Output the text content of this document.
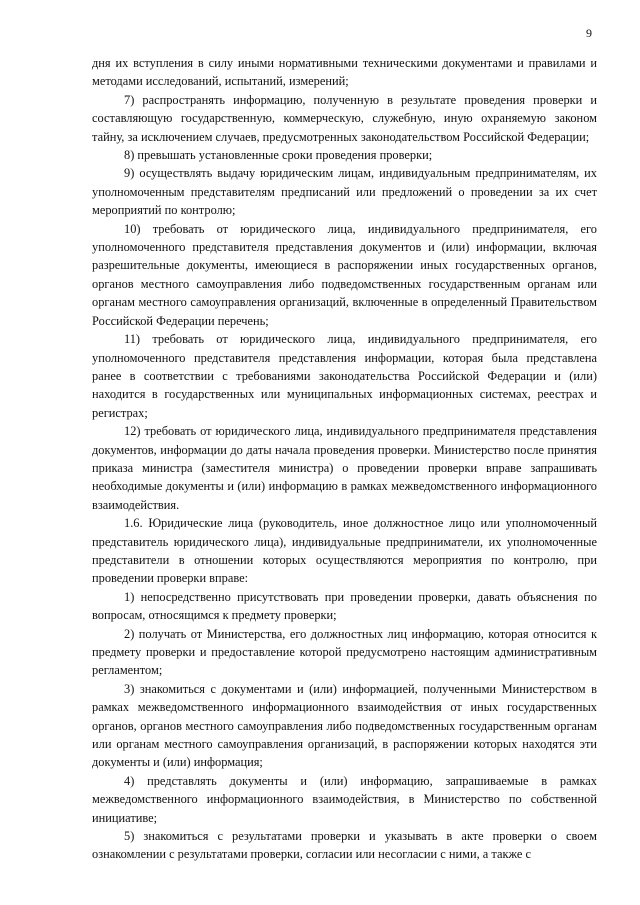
9

дня их вступления в силу иными нормативными техническими документами и правилами и методами исследований, испытаний, измерений;

7) распространять информацию, полученную в результате проведения проверки и составляющую государственную, коммерческую, служебную, иную охраняемую законом тайну, за исключением случаев, предусмотренных законодательством Российской Федерации;

8) превышать установленные сроки проведения проверки;

9) осуществлять выдачу юридическим лицам, индивидуальным предпринимателям, их уполномоченным представителям предписаний или предложений о проведении за их счет мероприятий по контролю;

10) требовать от юридического лица, индивидуального предпринимателя, его уполномоченного представителя представления документов и (или) информации, включая разрешительные документы, имеющиеся в распоряжении иных государственных органов, органов местного самоуправления либо подведомственных государственным органам или органам местного самоуправления организаций, включенные в определенный Правительством Российской Федерации перечень;

11) требовать от юридического лица, индивидуального предпринимателя, его уполномоченного представителя представления информации, которая была представлена ранее в соответствии с требованиями законодательства Российской Федерации и (или) находится в государственных или муниципальных информационных системах, реестрах и регистрах;

12) требовать от юридического лица, индивидуального предпринимателя представления документов, информации до даты начала проведения проверки. Министерство после принятия приказа министра (заместителя министра) о проведении проверки вправе запрашивать необходимые документы и (или) информацию в рамках межведомственного информационного взаимодействия.

1.6. Юридические лица (руководитель, иное должностное лицо или уполномоченный представитель юридического лица), индивидуальные предприниматели, их уполномоченные представители в отношении которых осуществляются мероприятия по контролю, при проведении проверки вправе:

1) непосредственно присутствовать при проведении проверки, давать объяснения по вопросам, относящимся к предмету проверки;

2) получать от Министерства, его должностных лиц информацию, которая относится к предмету проверки и предоставление которой предусмотрено настоящим административным регламентом;

3) знакомиться с документами и (или) информацией, полученными Министерством в рамках межведомственного информационного взаимодействия от иных государственных органов, органов местного самоуправления либо подведомственных государственным органам или органам местного самоуправления организаций, в распоряжении которых находятся эти документы и (или) информация;

4) представлять документы и (или) информацию, запрашиваемые в рамках межведомственного информационного взаимодействия, в Министерство по собственной инициативе;

5) знакомиться с результатами проверки и указывать в акте проверки о своем ознакомлении с результатами проверки, согласии или несогласии с ними, а также с
